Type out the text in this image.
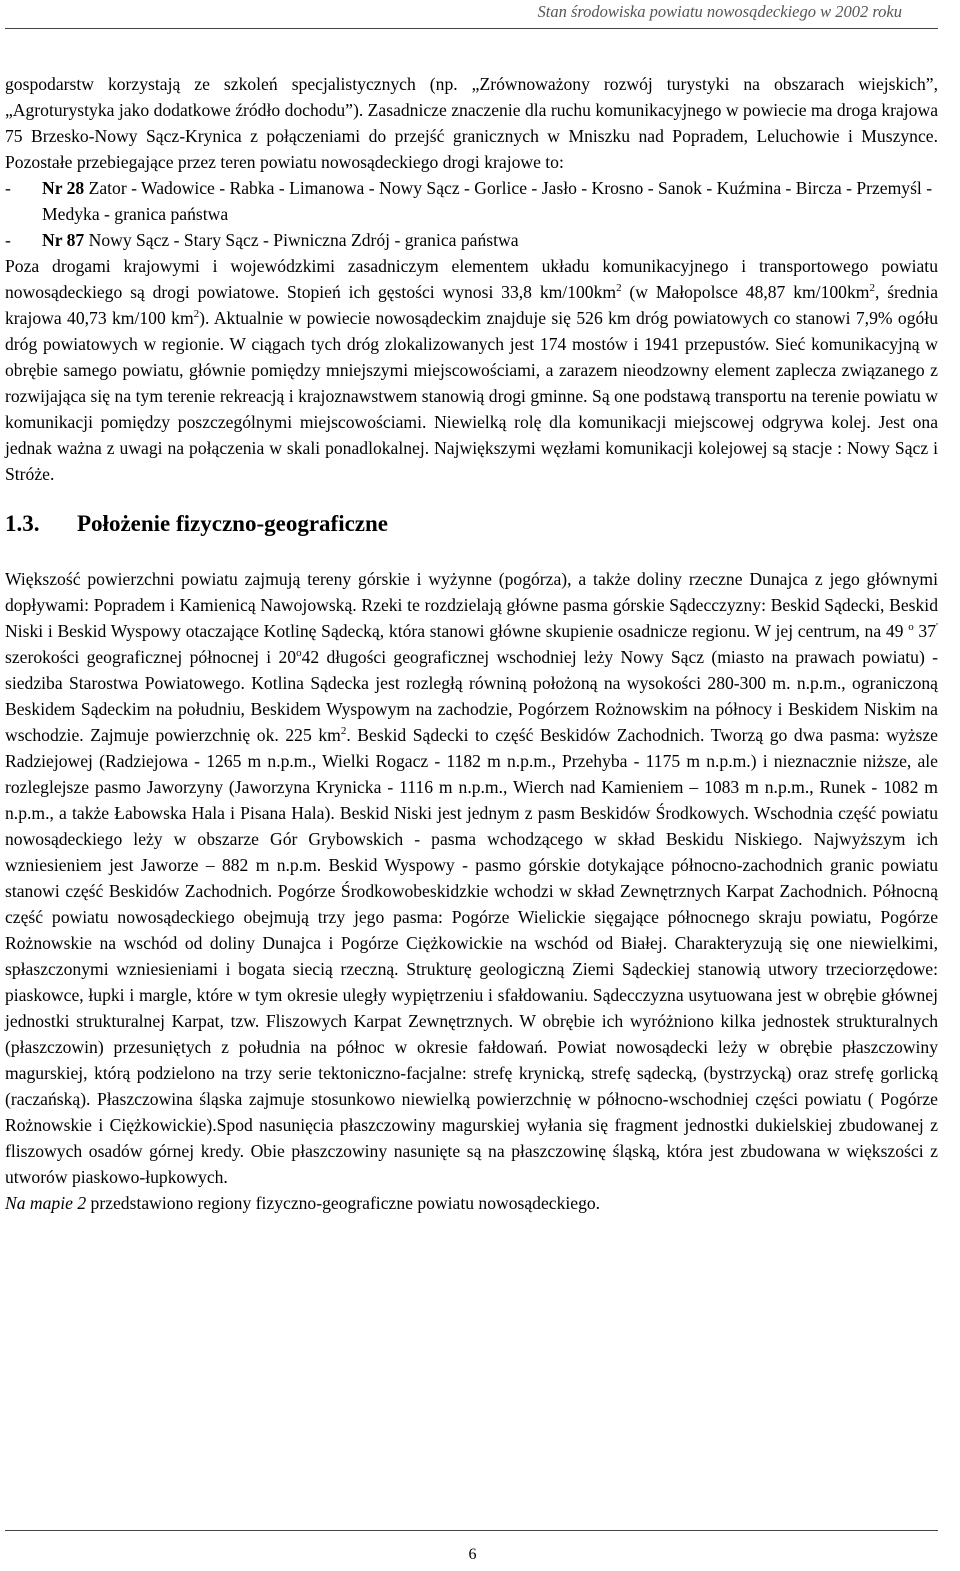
Stan środowiska powiatu nowosądeckiego w 2002 roku

gospodarstw korzystają ze szkoleń specjalistycznych (np. „Zrównoważony rozwój turystyki na obszarach wiejskich”, „Agroturystyka jako dodatkowe źródło dochodu”). Zasadnicze znaczenie dla ruchu komunikacyjnego w powiecie ma droga krajowa 75 Brzesko-Nowy Sącz-Krynica z połączeniami do przejść granicznych w Mniszku nad Popradem, Leluchowie i Muszynce. Pozostałe przebiegające przez teren powiatu nowosądeckiego drogi krajowe to:

- Nr 28 Zator - Wadowice - Rabka - Limanowa - Nowy Sącz - Gorlice - Jasło - Krosno - Sanok - Kuźmina - Bircza - Przemyśl - Medyka - granica państwa
- Nr 87 Nowy Sącz - Stary Sącz - Piwniczna Zdrój - granica państwa

Poza drogami krajowymi i wojewódzkimi zasadniczym elementem układu komunikacyjnego i transportowego powiatu nowosądeckiego są drogi powiatowe. Stopień ich gęstości wynosi 33,8 $km/100km^2$ (w Małopolsce 48,87 $km/100km^2$, średnia krajowa 40,73 km/100 $km^2$). Aktualnie w powiecie nowosądeckim znajduje się 526 km dróg powiatowych co stanowi 7,9% ogółu dróg powiatowych w regionie. W ciągach tych dróg zlokalizowanych jest 174 mostów i 1941 przepustów. Sieć komunikacyjną w obrębie samego powiatu, głównie pomiędzy mniejszymi miejscowościami, a zarazem nieodzowny element zaplecza związanego z rozwijająca się na tym terenie rekreacją i krajoznawstwem stanowią drogi gminne. Są one podstawą transportu na terenie powiatu w komunikacji pomiędzy poszczególnymi miejscowościami. Niewielką rolę dla komunikacji miejscowej odgrywa kolej. Jest ona jednak ważna z uwagi na połączenia w skali ponadlokalnej. Największymi węzłami komunikacji kolejowej są stacje : Nowy Sącz i Stróże.

1.3. Położenie fizyczno-geograficzne

Większość powierzchni powiatu zajmują tereny górskie i wyżynne (pogórza), a także doliny rzeczne Dunajca z jego głównymi dopływami: Popradem i Kamienicą Nawojowską. Rzeki te rozdzielają główne pasma górskie Sądecczyzny: Beskid Sądecki, Beskid Niski i Beskid Wyspowy otaczające Kotlinę Sądecką, która stanowi główne skupienie osadnicze regionu. W jej centrum, na 49 $^o$ 37' szerokości geograficznej północnej i 20$^o$42 długości geograficznej wschodniej leży Nowy Sącz (miasto na prawach powiatu) - siedziba Starostwa Powiatowego. Kotlina Sądecka jest rozległą równiną położoną na wysokości 280-300 m. n.p.m., ograniczoną Beskidem Sądeckim na południu, Beskidem Wyspowym na zachodzie, Pogórzem Rożnowskim na północy i Beskidem Niskim na wschodzie. Zajmuje powierzchnię ok. 225 $km^2$. Beskid Sądecki to część Beskidów Zachodnich. Tworzą go dwa pasma: wyższe Radziejowej (Radziejowa - 1265 m n.p.m., Wielki Rogacz - 1182 m n.p.m., Przehyba - 1175 m n.p.m.) i nieznacznie niższe, ale rozleglejsze pasmo Jaworzyny (Jaworzyna Krynicka - 1116 m n.p.m., Wierch nad Kamieniem – 1083 m n.p.m., Runek - 1082 m n.p.m., a także Łabowska Hala i Pisana Hala). Beskid Niski jest jednym z pasm Beskidów Środkowych. Wschodnia część powiatu nowosądeckiego leży w obszarze Gór Grybowskich - pasma wchodzącego w skład Beskidu Niskiego. Najwyższym ich wzniesieniem jest Jaworze – 882 m n.p.m. Beskid Wyspowy - pasmo górskie dotykające północno-zachodnich granic powiatu stanowi część Beskidów Zachodnich. Pogórze Środkowobeskidzkie wchodzi w skład Zewnętrznych Karpat Zachodnich. Północną część powiatu nowosądeckiego obejmują trzy jego pasma: Pogórze Wielickie sięgające północnego skraju powiatu, Pogórze Rożnowskie na wschód od doliny Dunajca i Pogórze Ciężkowickie na wschód od Białej. Charakteryzują się one niewielkimi, spłaszczonymi wzniesieniami i bogata siecią rzeczną. Strukturę geologiczną Ziemi Sądeckiej stanowią utwory trzeciorzędowe: piaskowce, łupki i margle, które w tym okresie uległy wypiętrzeniu i sfałdowaniu. Sądecczyzna usytuowana jest w obrębie głównej jednostki strukturalnej Karpat, tzw. Fliszowych Karpat Zewnętrznych. W obrębie ich wyróżniono kilka jednostek strukturalnych (płaszczowin) przesuniętych z południa na północ w okresie fałdowań. Powiat nowosądecki leży w obrębie płaszczowiny magurskiej, którą podzielono na trzy serie tektoniczno-facjalne: strefę krynicką, strefę sądecką, (bystrzycką) oraz strefę gorlicką (raczańską). Płaszczowina śląska zajmuje stosunkowo niewielką powierzchnię w północno-wschodniej części powiatu ( Pogórze Rożnowskie i Ciężkowickie).Spod nasunięcia płaszczowiny magurskiej wyłania się fragment jednostki dukielskiej zbudowanej z fliszowych osadów górnej kredy. Obie płaszczowiny nasunięte są na płaszczowinę śląską, która jest zbudowana w większości z utworów piaskowo-łupkowych.

Na mapie 2 przedstawiono regiony fizyczno-geograficzne powiatu nowosądeckiego.

6
